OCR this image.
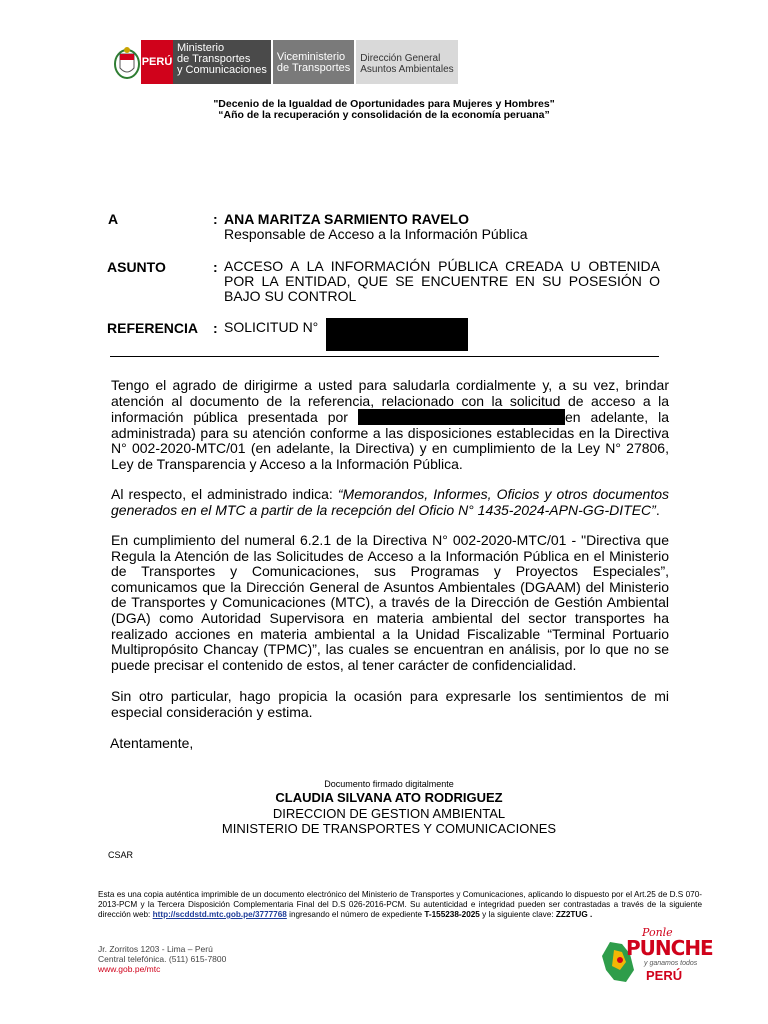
PERÚ
Ministerio
de Transportes
y Comunicaciones
Viceministerio
de Transportes
Dirección General
Asuntos Ambientales
"Decenio de la Igualdad de Oportunidades para Mujeres y Hombres"
“Año de la recuperación y consolidación de la economía peruana”
A	: ANA MARITZA SARMIENTO RAVELO
Responsable de Acceso a la Información Pública
ASUNTO	: ACCESO A LA INFORMACIÓN PÚBLICA CREADA U OBTENIDA
POR LA ENTIDAD, QUE SE ENCUENTRE EN SU POSESIÓN O
BAJO SU CONTROL
REFERENCIA : SOLICITUD N°
Tengo el agrado de dirigirme a usted para saludarla cordialmente y, a su vez, brindar atención al documento de la referencia, relacionado con la solicitud de acceso a la información pública presentada por	en adelante, la administrada) para su atención conforme a las disposiciones establecidas en la Directiva N° 002-2020-MTC/01 (en adelante, la Directiva) y en cumplimiento de la Ley N° 27806, Ley de Transparencia y Acceso a la Información Pública.
Al respecto, el administrado indica: “Memorandos, Informes, Oficios y otros documentos generados en el MTC a partir de la recepción del Oficio N° 1435-2024-APN-GG-DITEC”.
En cumplimiento del numeral 6.2.1 de la Directiva N° 002-2020-MTC/01 - "Directiva que Regula la Atención de las Solicitudes de Acceso a la Información Pública en el Ministerio de Transportes y Comunicaciones, sus Programas y Proyectos Especiales”, comunicamos que la Dirección General de Asuntos Ambientales (DGAAM) del Ministerio de Transportes y Comunicaciones (MTC), a través de la Dirección de Gestión Ambiental (DGA) como Autoridad Supervisora en materia ambiental del sector transportes ha realizado acciones en materia ambiental a la Unidad Fiscalizable “Terminal Portuario Multipropósito Chancay (TPMC)”, las cuales se encuentran en análisis, por lo que no se puede precisar el contenido de estos, al tener carácter de confidencialidad.
Sin otro particular, hago propicia la ocasión para expresarle los sentimientos de mi especial consideración y estima.
Atentamente,
Documento firmado digitalmente
CLAUDIA SILVANA ATO RODRIGUEZ
DIRECCION DE GESTION AMBIENTAL
MINISTERIO DE TRANSPORTES Y COMUNICACIONES
CSAR
Esta es una copia auténtica imprimible de un documento electrónico del Ministerio de Transportes y Comunicaciones, aplicando lo dispuesto por el Art.25 de D.S 070-2013-PCM y la Tercera Disposición Complementaria Final del D.S 026-2016-PCM. Su autenticidad e integridad pueden ser contrastadas a través de la siguiente dirección web: http://scddstd.mtc.gob.pe/3777768 ingresando el número de expediente T-155238-2025 y la siguiente clave: ZZ2TUG .
Jr. Zorritos 1203 - Lima – Perú
Central telefónica. (511) 615-7800
www.gob.pe/mtc
Ponle
PUNCHE
y ganamos todos
PERÚ
